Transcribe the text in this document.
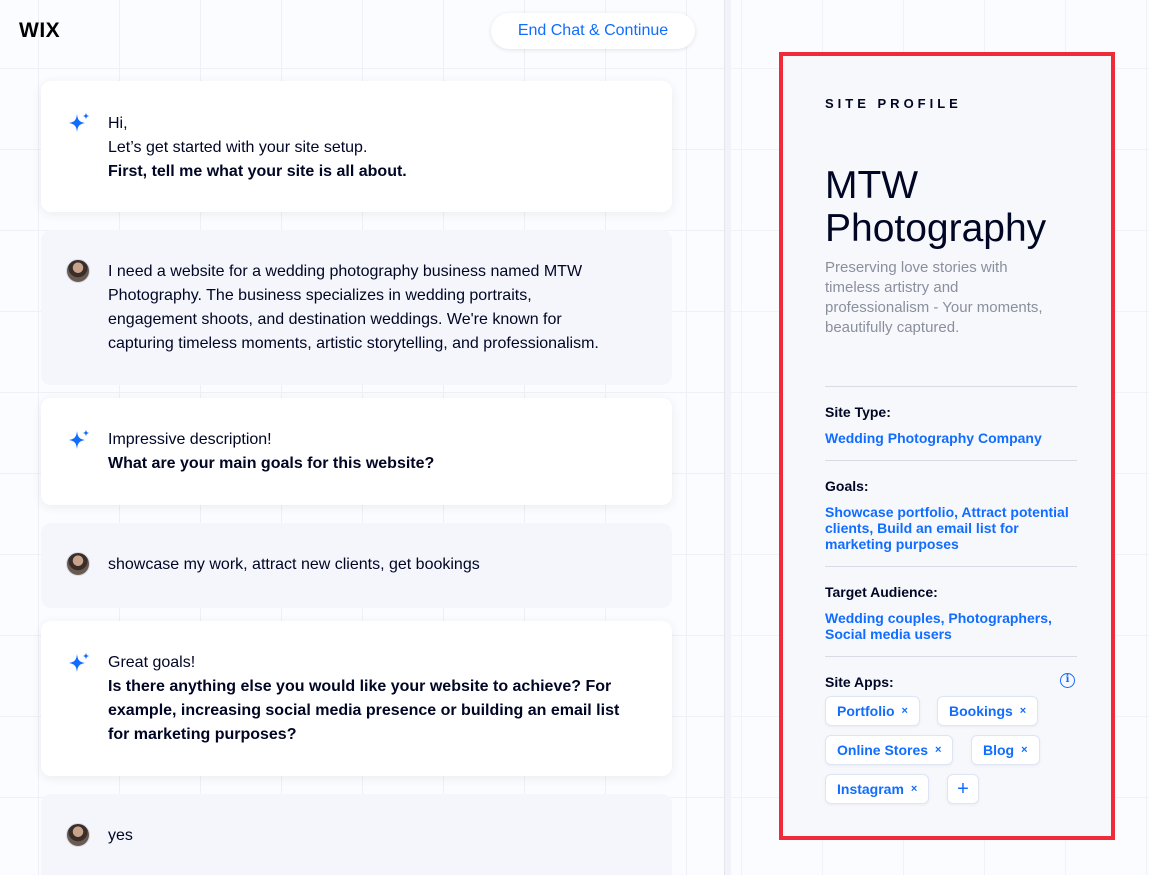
WIX	End Chat & Continue
Hi,
Let’s get started with your site setup.
First, tell me what your site is all about.
I need a website for a wedding photography business named MTW
Photography. The business specializes in wedding portraits,
engagement shoots, and destination weddings. We're known for
capturing timeless moments, artistic storytelling, and professionalism.
Impressive description!
What are your main goals for this website?
showcase my work, attract new clients, get bookings
Great goals!
Is there anything else you would like your website to achieve? For
example, increasing social media presence or building an email list
for marketing purposes?
yes
SITE PROFILE
MTW
Photography
Preserving love stories with
timeless artistry and
professionalism - Your moments,
beautifully captured.
Site Type:
Wedding Photography Company
Goals:
Showcase portfolio, Attract potential
clients, Build an email list for
marketing purposes
Target Audience:
Wedding couples, Photographers,
Social media users
Site Apps:	i
Portfolio ×	Bookings ×
Online Stores ×	Blog ×
Instagram ×	+
